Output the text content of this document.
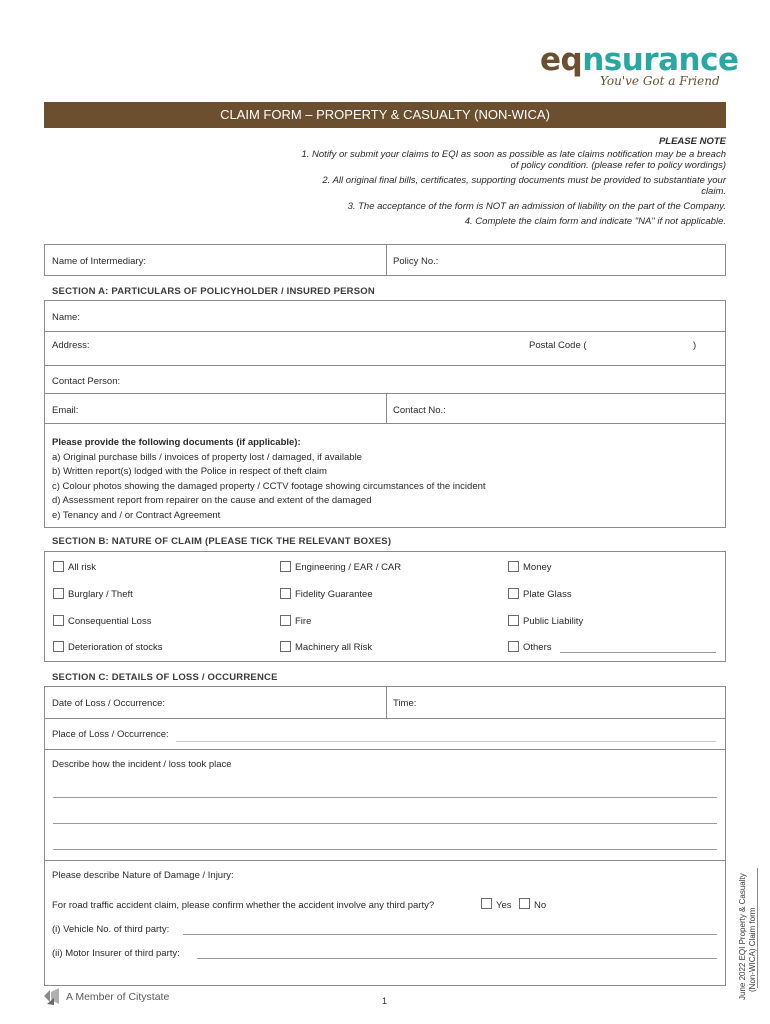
eqnsurance
You've Got a Friend
CLAIM FORM – PROPERTY & CASUALTY (NON-WICA)
PLEASE NOTE

1. Notify or submit your claims to EQI as soon as possible as late claims notification may be a breach of policy condition. (please refer to policy wordings)

2. All original final bills, certificates, supporting documents must be provided to substantiate your claim.

3. The acceptance of the form is NOT an admission of liability on the part of the Company.

4. Complete the claim form and indicate "NA" if not applicable.

Name of Intermediary:	Policy No.:
SECTION A: PARTICULARS OF POLICYHOLDER / INSURED PERSON
Name:
Address:	Postal Code (	)
Contact Person:
Email:	Contact No.:
Please provide the following documents (if applicable):
a) Original purchase bills / invoices of property lost / damaged, if available
b) Written report(s) lodged with the Police in respect of theft claim
c) Colour photos showing the damaged property / CCTV footage showing circumstances of the incident
d) Assessment report from repairer on the cause and extent of the damaged
e) Tenancy and / or Contract Agreement
SECTION B: NATURE OF CLAIM (PLEASE TICK THE RELEVANT BOXES)
All risk	Engineering / EAR / CAR	Money
Burglary / Theft	Fidelity Guarantee	Plate Glass
Consequential Loss	Fire	Public Liability
Deterioration of stocks	Machinery all Risk	Others
SECTION C: DETAILS OF LOSS / OCCURRENCE
Date of Loss / Occurrence:	Time:
Place of Loss / Occurrence:
Describe how the incident / loss took place
Please describe Nature of Damage / Injury:
For road traffic accident claim, please confirm whether the accident involve any third party?	Yes No
(i) Vehicle No. of third party:
(ii) Motor Insurer of third party:	June 2022 EQI Property & Casualty (Non-WICA) Claim form
A Member of Citystate	1
